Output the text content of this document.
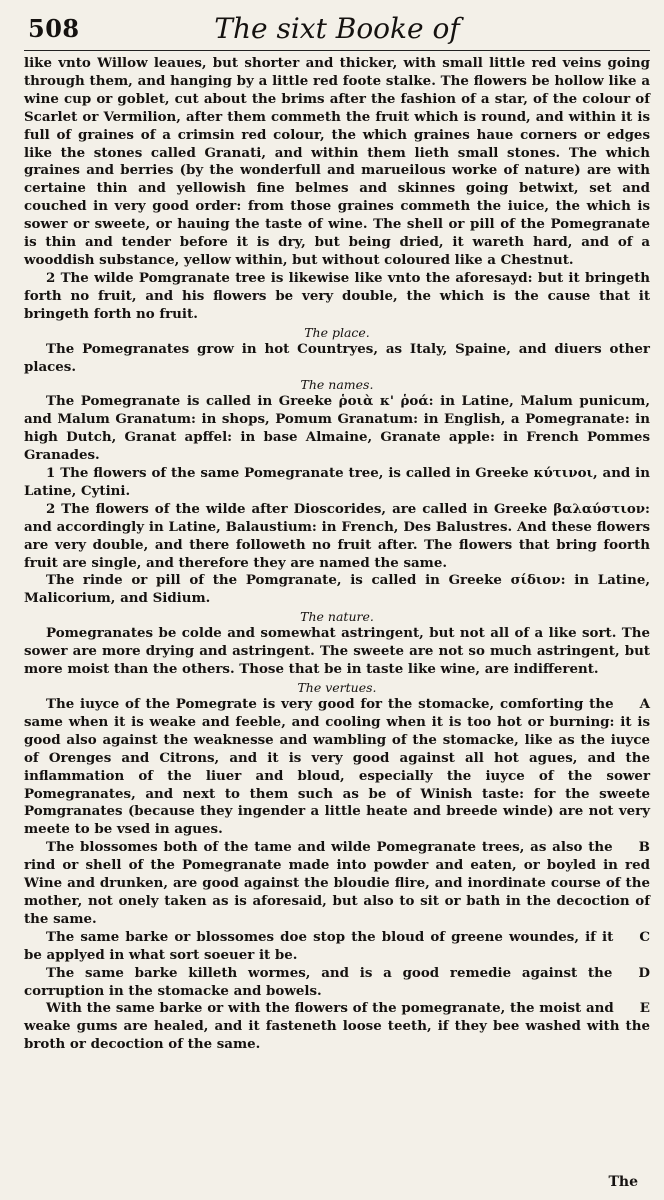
508	The sixt Booke of

like vnto Willow leaues, but shorter and thicker, with small little red veins going through them, and hanging by a little red foote stalke. The flowers be hollow like a wine cup or goblet, cut about the brims after the fashion of a star, of the colour of Scarlet or Vermilion, after them commeth the fruit which is round, and within it is full of graines of a crimsin red colour, the which graines haue corners or edges like the stones called Granati, and within them lieth small stones. The which graines and berries (by the wonderfull and marueilous worke of nature) are with certaine thin and yellowish fine belmes and skinnes going betwixt, set and couched in very good order: from those graines commeth the iuice, the which is sower or sweete, or hauing the taste of wine. The shell or pill of the Pomegranate is thin and tender before it is dry, but being dried, it wareth hard, and of a wooddish substance, yellow within, but without coloured like a Chestnut.

2 The wilde Pomgranate tree is likewise like vnto the aforesayd: but it bringeth forth no fruit, and his flowers be very double, the which is the cause that it bringeth forth no fruit.

The place.

The Pomegranates grow in hot Countryes, as Italy, Spaine, and diuers other places.

The names.

The Pomegranate is called in Greeke ῥοιὰ κ' ῥοά: in Latine, Malum punicum, and Malum Granatum: in shops, Pomum Granatum: in English, a Pomegranate: in high Dutch, Granat apffel: in base Almaine, Granate apple: in French Pommes Granades.

1 The flowers of the same Pomegranate tree, is called in Greeke κύτινοι, and in Latine, Cytini.

2 The flowers of the wilde after Dioscorides, are called in Greeke βαλαύστιον: and accordingly in Latine, Balaustium: in French, Des Balustres. And these flowers are very double, and there followeth no fruit after. The flowers that bring foorth fruit are single, and therefore they are named the same.

The rinde or pill of the Pomgranate, is called in Greeke σίδιον: in Latine, Malicorium, and Sidium.

The nature.

Pomegranates be colde and somewhat astringent, but not all of a like sort. The sower are more drying and astringent. The sweete are not so much astringent, but more moist than the others. Those that be in taste like wine, are indifferent.

The vertues.

A
The iuyce of the Pomegrate is very good for the stomacke, comforting the same when it is weake and feeble, and cooling when it is too hot or burning: it is good also against the weaknesse and wambling of the stomacke, like as the iuyce of Orenges and Citrons, and it is very good against all hot agues, and the inflammation of the liuer and bloud, especially the iuyce of the sower Pomegranates, and next to them such as be of Winish taste: for the sweete Pomgranates (because they ingender a little heate and breede winde) are not very meete to be vsed in agues.

B
The blossomes both of the tame and wilde Pomegranate trees, as also the rind or shell of the Pomegranate made into powder and eaten, or boyled in red Wine and drunken, are good against the bloudie flire, and inordinate course of the mother, not onely taken as is aforesaid, but also to sit or bath in the decoction of the same.

C
The same barke or blossomes doe stop the bloud of greene woundes, if it be applyed in what sort soeuer it be.

D
The same barke killeth wormes, and is a good remedie against the corruption in the stomacke and bowels.

E
With the same barke or with the flowers of the pomegranate, the moist and weake gums are healed, and it fasteneth loose teeth, if they bee washed with the broth or decoction of the same.

The
